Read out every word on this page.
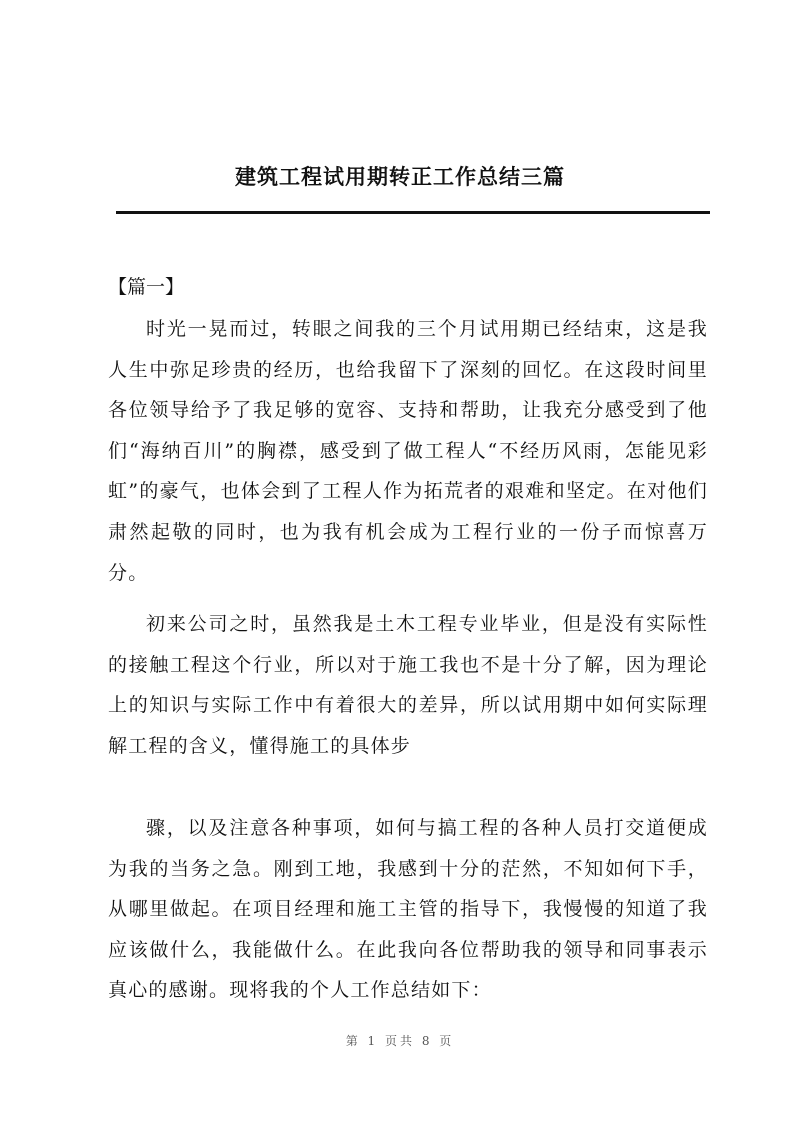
建筑工程试用期转正工作总结三篇
【篇一】

时光一晃而过，转眼之间我的三个月试用期已经结束，这是我人生中弥足珍贵的经历，也给我留下了深刻的回忆。在这段时间里各位领导给予了我足够的宽容、支持和帮助，让我充分感受到了他们“海纳百川”的胸襟，感受到了做工程人“不经历风雨，怎能见彩虹”的豪气，也体会到了工程人作为拓荒者的艰难和坚定。在对他们肃然起敬的同时，也为我有机会成为工程行业的一份子而惊喜万分。

初来公司之时，虽然我是土木工程专业毕业，但是没有实际性的接触工程这个行业，所以对于施工我也不是十分了解，因为理论上的知识与实际工作中有着很大的差异，所以试用期中如何实际理解工程的含义，懂得施工的具体步

骤，以及注意各种事项，如何与搞工程的各种人员打交道便成为我的当务之急。刚到工地，我感到十分的茫然，不知如何下手，从哪里做起。在项目经理和施工主管的指导下，我慢慢的知道了我应该做什么，我能做什么。在此我向各位帮助我的领导和同事表示真心的感谢。现将我的个人工作总结如下：

第 1 页共 8 页
